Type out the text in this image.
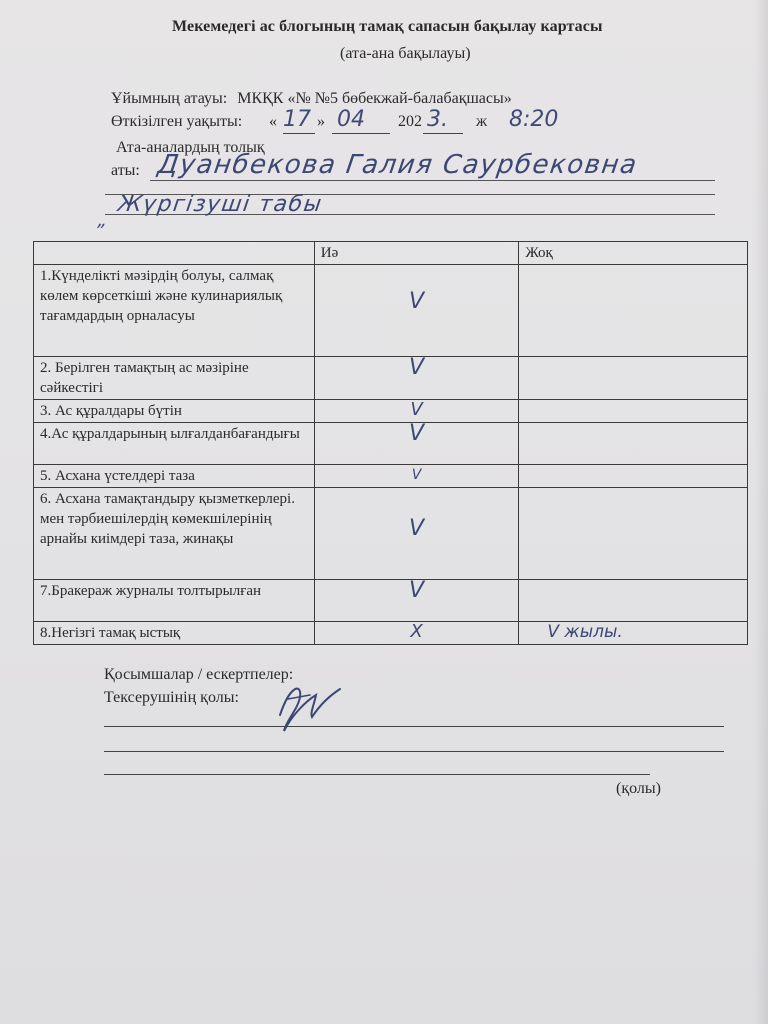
Мекемедегі ас блогының тамақ сапасын бақылау картасы
(ата-ана бақылауы)
Ұйымның атауы: МКҚК «№ №5 бөбекжай-балабақшасы»
Өткізілген уақыты: « 17 » 04 202 3. ж 8:20
Ата-аналардың толық
аты: Дуанбекова Галия Саурбековна
„
Жүргізуші табы
	Иә	Жоқ
1.Күнделікті мәзірдің болуы, салмақ көлем көрсеткіші және кулинариялық тағамдардың орналасуы	V	
2. Берілген тамақтың ас мәзіріне сәйкестігі	V	
3. Ас құралдары бүтін	V	
4.Ас құралдарының ылғалданбағандығы	V	
5. Асхана үстелдері таза	V	
6. Асхана тамақтандыру қызметкерлері. мен тәрбиешілердің көмекшілерінің арнайы киімдері таза, жинақы	V	
7.Бракераж журналы толтырылған	V	
8.Негізгі тамақ ыстық	X	V жылы.
Қосымшалар / ескертпелер:
Тексерушінің қолы:
(қолы)
